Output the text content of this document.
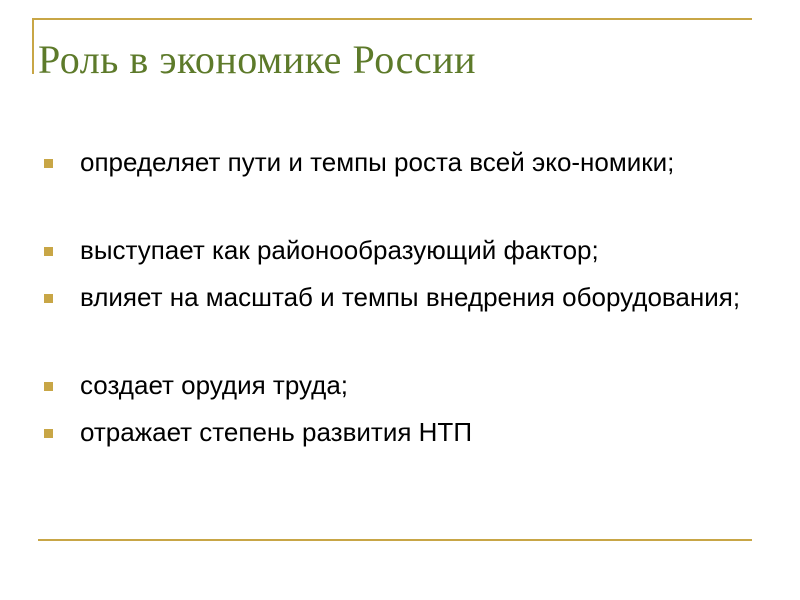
Роль в экономике России
определяет пути и темпы роста всей эко-номики;
выступает как районообразующий фактор;
влияет на масштаб и темпы внедрения оборудования;
создает орудия труда;
отражает степень развития НТП
